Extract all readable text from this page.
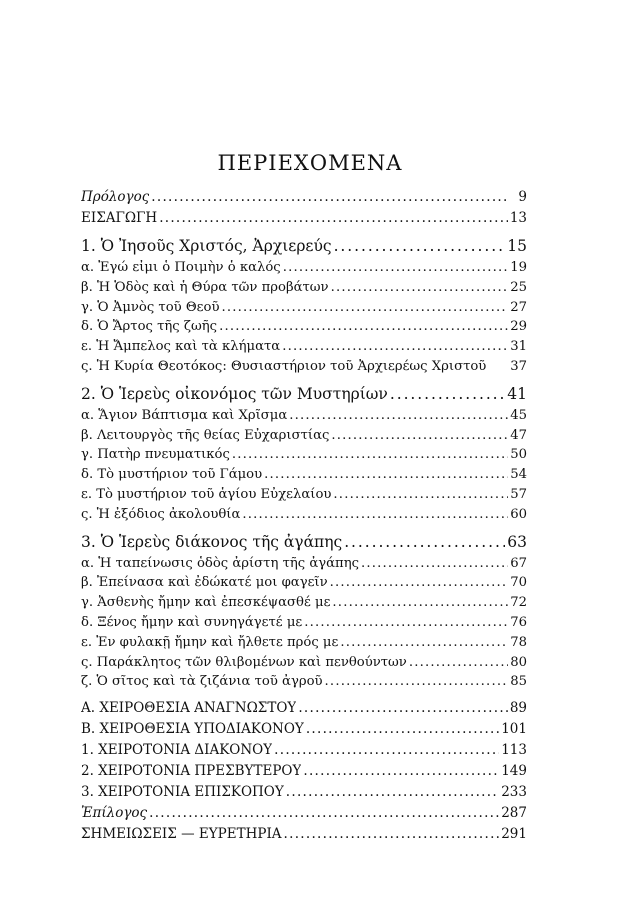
ΠΕΡΙΕΧΟΜΕΝΑ
Πρόλογος . . .	9
ΕΙΣΑΓΩΓΗ . . .	13
1. Ὁ Ἰησοῦς Χριστός, Ἀρχιερεύς . . .	15
α. Ἐγώ εἰμι ὁ Ποιμὴν ὁ καλός . . .	19
β. Ἡ Ὁδὸς καὶ ἡ Θύρα τῶν προβάτων . . .	25
γ. Ὁ Ἀμνὸς τοῦ Θεοῦ . . .	27
δ. Ὁ Ἄρτος τῆς ζωῆς . . .	29
ε. Ἡ Ἄμπελος καὶ τὰ κλήματα . . .	31
ς. Ἡ Κυρία Θεοτόκος: Θυσιαστήριον τοῦ Ἀρχιερέως Χριστοῦ 37
2. Ὁ Ἱερεὺς οἰκονόμος τῶν Μυστηρίων . . .	41
α. Ἅγιον Βάπτισμα καὶ Χρῖσμα . . .	45
β. Λειτουργὸς τῆς θείας Εὐχαριστίας . . .	47
γ. Πατὴρ πνευματικός . . .	50
δ. Τὸ μυστήριον τοῦ Γάμου . . .	54
ε. Τὸ μυστήριον τοῦ ἁγίου Εὐχελαίου . . .	57
ς. Ἡ ἐξόδιος ἀκολουθία . . .	60
3. Ὁ Ἱερεὺς διάκονος τῆς ἀγάπης . . .	63
α. Ἡ ταπείνωσις ὁδὸς ἀρίστη τῆς ἀγάπης . . .	67
β. Ἐπείνασα καὶ ἐδώκατέ μοι φαγεῖν . . .	70
γ. Ἀσθενὴς ἤμην καὶ ἐπεσκέψασθέ με . . .	72
δ. Ξένος ἤμην καὶ συνηγάγετέ με . . .	76
ε. Ἐν φυλακῇ ἤμην καὶ ἤλθετε πρός με . . .	78
ς. Παράκλητος τῶν θλιβομένων καὶ πενθούντων . . .	80
ζ. Ὁ σῖτος καὶ τὰ ζιζάνια τοῦ ἀγροῦ . . .	85
Α. ΧΕΙΡΟΘΕΣΙΑ ΑΝΑΓΝΩΣΤΟΥ . . .	89
Β. ΧΕΙΡΟΘΕΣΙΑ ΥΠΟΔΙΑΚΟΝΟΥ . . .	101
1. ΧΕΙΡΟΤΟΝΙΑ ΔΙΑΚΟΝΟΥ . . .	113
2. ΧΕΙΡΟΤΟΝΙΑ ΠΡΕΣΒΥΤΕΡΟΥ . . .	149
3. ΧΕΙΡΟΤΟΝΙΑ ΕΠΙΣΚΟΠΟΥ . . .	233
Ἐπίλογος . . .	287
ΣΗΜΕΙΩΣΕΙΣ — ΕΥΡΕΤΗΡΙΑ . . .	291
